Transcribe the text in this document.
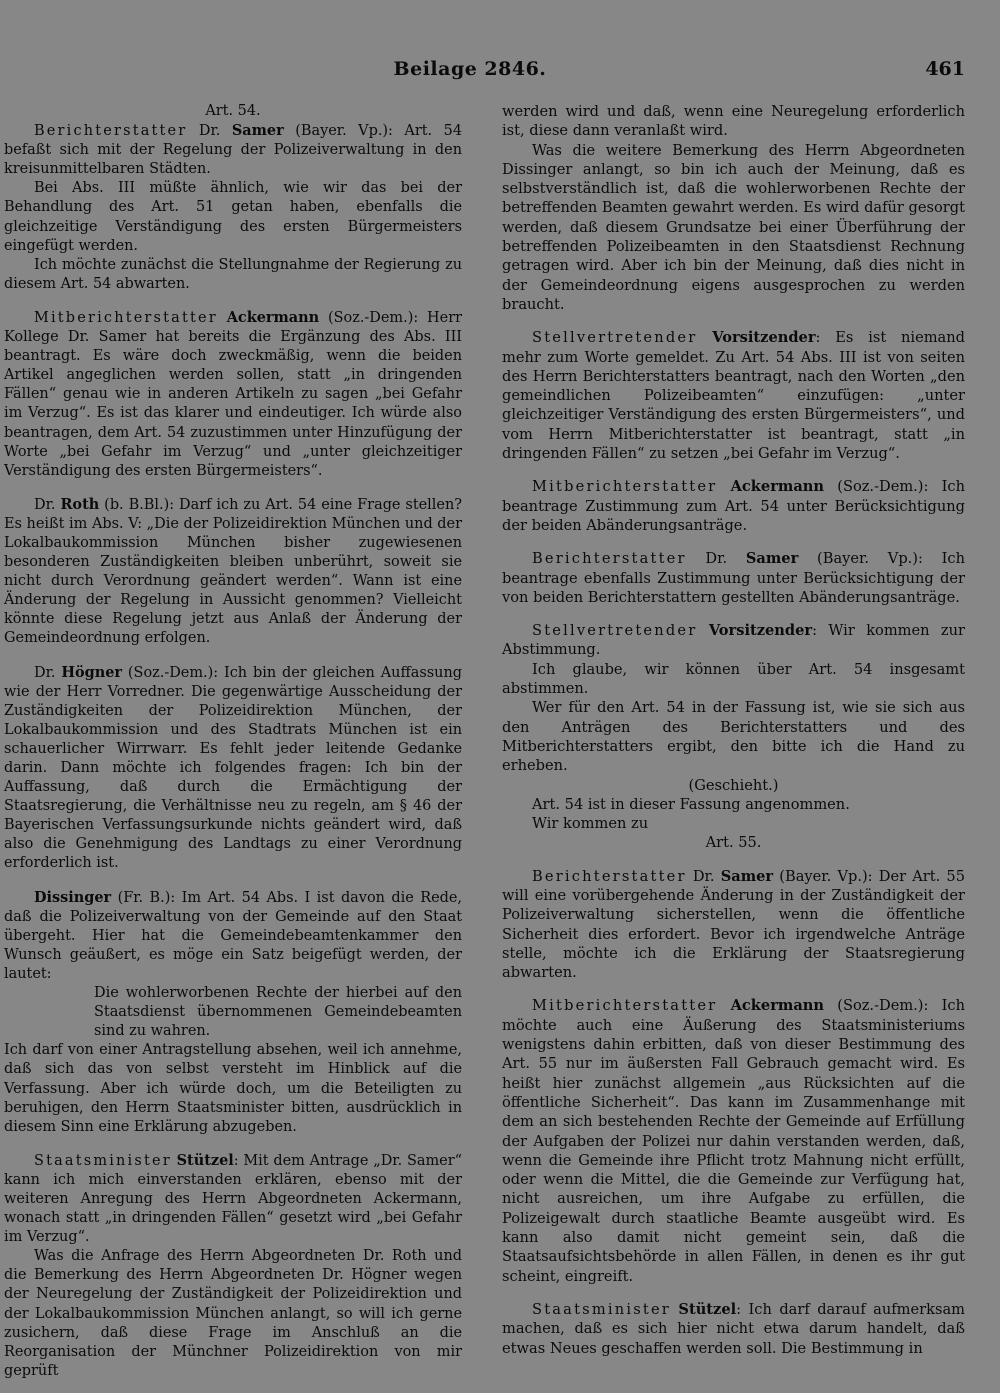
Beilage 2846.	461

Art. 54.

Berichterstatter Dr. Samer (Bayer. Vp.): Art. 54 befaßt sich mit der Regelung der Polizeiverwaltung in den kreisunmittelbaren Städten.

Bei Abs. III müßte ähnlich, wie wir das bei der Behandlung des Art. 51 getan haben, ebenfalls die gleichzeitige Verständigung des ersten Bürgermeisters eingefügt werden.

Ich möchte zunächst die Stellungnahme der Regierung zu diesem Art. 54 abwarten.

Mitberichterstatter Ackermann (Soz.-Dem.): Herr Kollege Dr. Samer hat bereits die Ergänzung des Abs. III beantragt. Es wäre doch zweckmäßig, wenn die beiden Artikel angeglichen werden sollen, statt „in dringenden Fällen“ genau wie in anderen Artikeln zu sagen „bei Gefahr im Verzug“. Es ist das klarer und eindeutiger. Ich würde also beantragen, dem Art. 54 zuzustimmen unter Hinzufügung der Worte „bei Gefahr im Verzug“ und „unter gleichzeitiger Verständigung des ersten Bürgermeisters“.

Dr. Roth (b. B.Bl.): Darf ich zu Art. 54 eine Frage stellen? Es heißt im Abs. V: „Die der Polizeidirektion München und der Lokalbaukommission München bisher zugewiesenen besonderen Zuständigkeiten bleiben unberührt, soweit sie nicht durch Verordnung geändert werden“. Wann ist eine Änderung der Regelung in Aussicht genommen? Vielleicht könnte diese Regelung jetzt aus Anlaß der Änderung der Gemeindeordnung erfolgen.

Dr. Högner (Soz.-Dem.): Ich bin der gleichen Auffassung wie der Herr Vorredner. Die gegenwärtige Ausscheidung der Zuständigkeiten der Polizeidirektion München, der Lokalbaukommission und des Stadtrats München ist ein schauerlicher Wirrwarr. Es fehlt jeder leitende Gedanke darin. Dann möchte ich folgendes fragen: Ich bin der Auffassung, daß durch die Ermächtigung der Staatsregierung, die Verhältnisse neu zu regeln, am § 46 der Bayerischen Verfassungsurkunde nichts geändert wird, daß also die Genehmigung des Landtags zu einer Verordnung erforderlich ist.

Dissinger (Fr. B.): Im Art. 54 Abs. I ist davon die Rede, daß die Polizeiverwaltung von der Gemeinde auf den Staat übergeht. Hier hat die Gemeindebeamtenkammer den Wunsch geäußert, es möge ein Satz beigefügt werden, der lautet:

Die wohlerworbenen Rechte der hierbei auf den Staatsdienst übernommenen Gemeindebeamten sind zu wahren.

Ich darf von einer Antragstellung absehen, weil ich annehme, daß sich das von selbst versteht im Hinblick auf die Verfassung. Aber ich würde doch, um die Beteiligten zu beruhigen, den Herrn Staatsminister bitten, ausdrücklich in diesem Sinn eine Erklärung abzugeben.

Staatsminister Stützel: Mit dem Antrage „Dr. Samer“ kann ich mich einverstanden erklären, ebenso mit der weiteren Anregung des Herrn Abgeordneten Ackermann, wonach statt „in dringenden Fällen“ gesetzt wird „bei Gefahr im Verzug“.

Was die Anfrage des Herrn Abgeordneten Dr. Roth und die Bemerkung des Herrn Abgeordneten Dr. Högner wegen der Neuregelung der Zuständigkeit der Polizeidirektion und der Lokalbaukommission München anlangt, so will ich gerne zusichern, daß diese Frage im Anschluß an die Reorganisation der Münchner Polizeidirektion von mir geprüft

werden wird und daß, wenn eine Neuregelung erforderlich ist, diese dann veranlaßt wird.

Was die weitere Bemerkung des Herrn Abgeordneten Dissinger anlangt, so bin ich auch der Meinung, daß es selbstverständlich ist, daß die wohlerworbenen Rechte der betreffenden Beamten gewahrt werden. Es wird dafür gesorgt werden, daß diesem Grundsatze bei einer Überführung der betreffenden Polizeibeamten in den Staatsdienst Rechnung getragen wird. Aber ich bin der Meinung, daß dies nicht in der Gemeindeordnung eigens ausgesprochen zu werden braucht.

Stellvertretender Vorsitzender: Es ist niemand mehr zum Worte gemeldet. Zu Art. 54 Abs. III ist von seiten des Herrn Berichterstatters beantragt, nach den Worten „den gemeindlichen Polizeibeamten“ einzufügen: „unter gleichzeitiger Verständigung des ersten Bürgermeisters“, und vom Herrn Mitberichterstatter ist beantragt, statt „in dringenden Fällen“ zu setzen „bei Gefahr im Verzug“.

Mitberichterstatter Ackermann (Soz.-Dem.): Ich beantrage Zustimmung zum Art. 54 unter Berücksichtigung der beiden Abänderungsanträge.

Berichterstatter Dr. Samer (Bayer. Vp.): Ich beantrage ebenfalls Zustimmung unter Berücksichtigung der von beiden Berichterstattern gestellten Abänderungsanträge.

Stellvertretender Vorsitzender: Wir kommen zur Abstimmung.

Ich glaube, wir können über Art. 54 insgesamt abstimmen.

Wer für den Art. 54 in der Fassung ist, wie sie sich aus den Anträgen des Berichterstatters und des Mitberichterstatters ergibt, den bitte ich die Hand zu erheben.

(Geschieht.)

Art. 54 ist in dieser Fassung angenommen.

Wir kommen zu

Art. 55.

Berichterstatter Dr. Samer (Bayer. Vp.): Der Art. 55 will eine vorübergehende Änderung in der Zuständigkeit der Polizeiverwaltung sicherstellen, wenn die öffentliche Sicherheit dies erfordert. Bevor ich irgendwelche Anträge stelle, möchte ich die Erklärung der Staatsregierung abwarten.

Mitberichterstatter Ackermann (Soz.-Dem.): Ich möchte auch eine Äußerung des Staatsministeriums wenigstens dahin erbitten, daß von dieser Bestimmung des Art. 55 nur im äußersten Fall Gebrauch gemacht wird. Es heißt hier zunächst allgemein „aus Rücksichten auf die öffentliche Sicherheit“. Das kann im Zusammenhange mit dem an sich bestehenden Rechte der Gemeinde auf Erfüllung der Aufgaben der Polizei nur dahin verstanden werden, daß, wenn die Gemeinde ihre Pflicht trotz Mahnung nicht erfüllt, oder wenn die Mittel, die die Gemeinde zur Verfügung hat, nicht ausreichen, um ihre Aufgabe zu erfüllen, die Polizeigewalt durch staatliche Beamte ausgeübt wird. Es kann also damit nicht gemeint sein, daß die Staatsaufsichtsbehörde in allen Fällen, in denen es ihr gut scheint, eingreift.

Staatsminister Stützel: Ich darf darauf aufmerksam machen, daß es sich hier nicht etwa darum handelt, daß etwas Neues geschaffen werden soll. Die Bestimmung in
